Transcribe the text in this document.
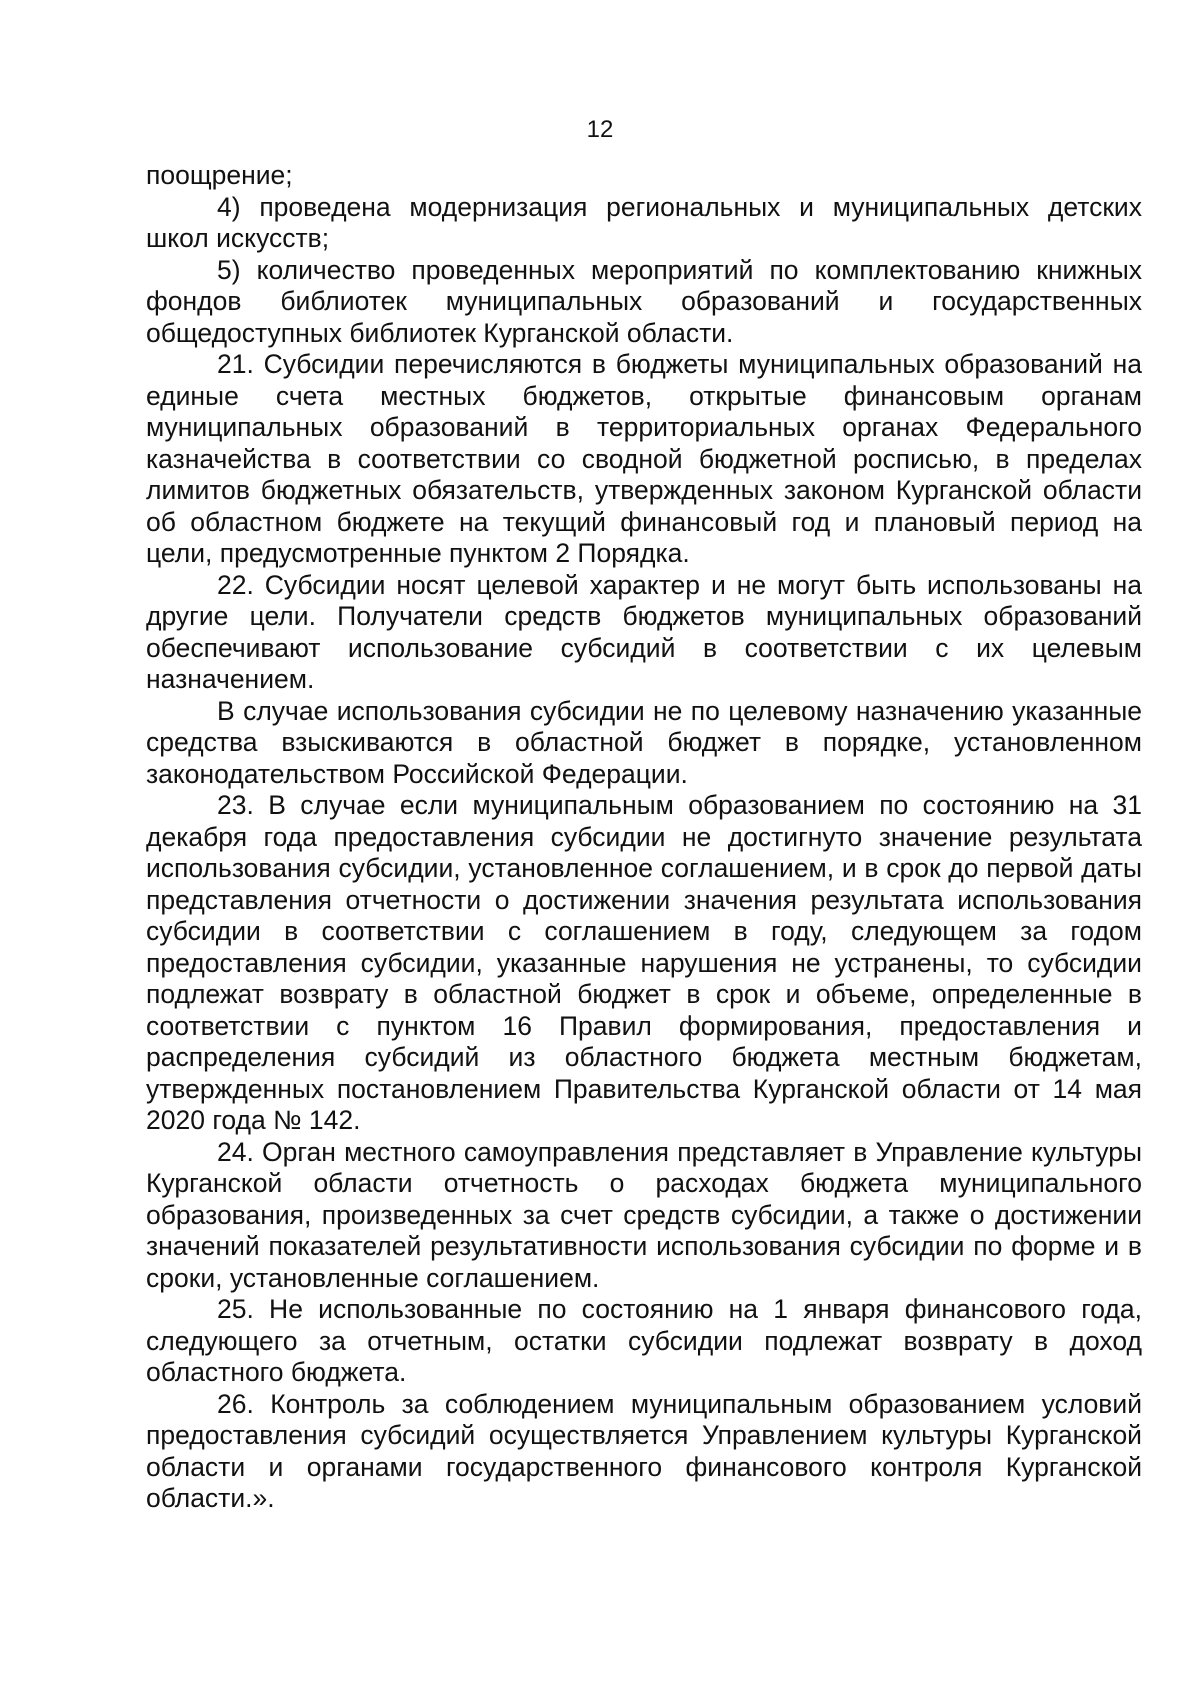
12

поощрение;

4) проведена модернизация региональных и муниципальных детских школ искусств;

5) количество проведенных мероприятий по комплектованию книжных фондов библиотек муниципальных образований и государственных общедоступных библиотек Курганской области.

21. Субсидии перечисляются в бюджеты муниципальных образований на единые счета местных бюджетов, открытые финансовым органам муниципальных образований в территориальных органах Федерального казначейства в соответствии со сводной бюджетной росписью, в пределах лимитов бюджетных обязательств, утвержденных законом Курганской области об областном бюджете на текущий финансовый год и плановый период на цели, предусмотренные пунктом 2 Порядка.

22. Субсидии носят целевой характер и не могут быть использованы на другие цели. Получатели средств бюджетов муниципальных образований обеспечивают использование субсидий в соответствии с их целевым назначением.

В случае использования субсидии не по целевому назначению указанные средства взыскиваются в областной бюджет в порядке, установленном законодательством Российской Федерации.

23. В случае если муниципальным образованием по состоянию на 31 декабря года предоставления субсидии не достигнуто значение результата использования субсидии, установленное соглашением, и в срок до первой даты представления отчетности о достижении значения результата использования субсидии в соответствии с соглашением в году, следующем за годом предоставления субсидии, указанные нарушения не устранены, то субсидии подлежат возврату в областной бюджет в срок и объеме, определенные в соответствии с пунктом 16 Правил формирования, предоставления и распределения субсидий из областного бюджета местным бюджетам, утвержденных постановлением Правительства Курганской области от 14 мая 2020 года № 142.

24. Орган местного самоуправления представляет в Управление культуры Курганской области отчетность о расходах бюджета муниципального образования, произведенных за счет средств субсидии, а также о достижении значений показателей результативности использования субсидии по форме и в сроки, установленные соглашением.

25. Не использованные по состоянию на 1 января финансового года, следующего за отчетным, остатки субсидии подлежат возврату в доход областного бюджета.

26. Контроль за соблюдением муниципальным образованием условий предоставления субсидий осуществляется Управлением культуры Курганской области и органами государственного финансового контроля Курганской области.».
